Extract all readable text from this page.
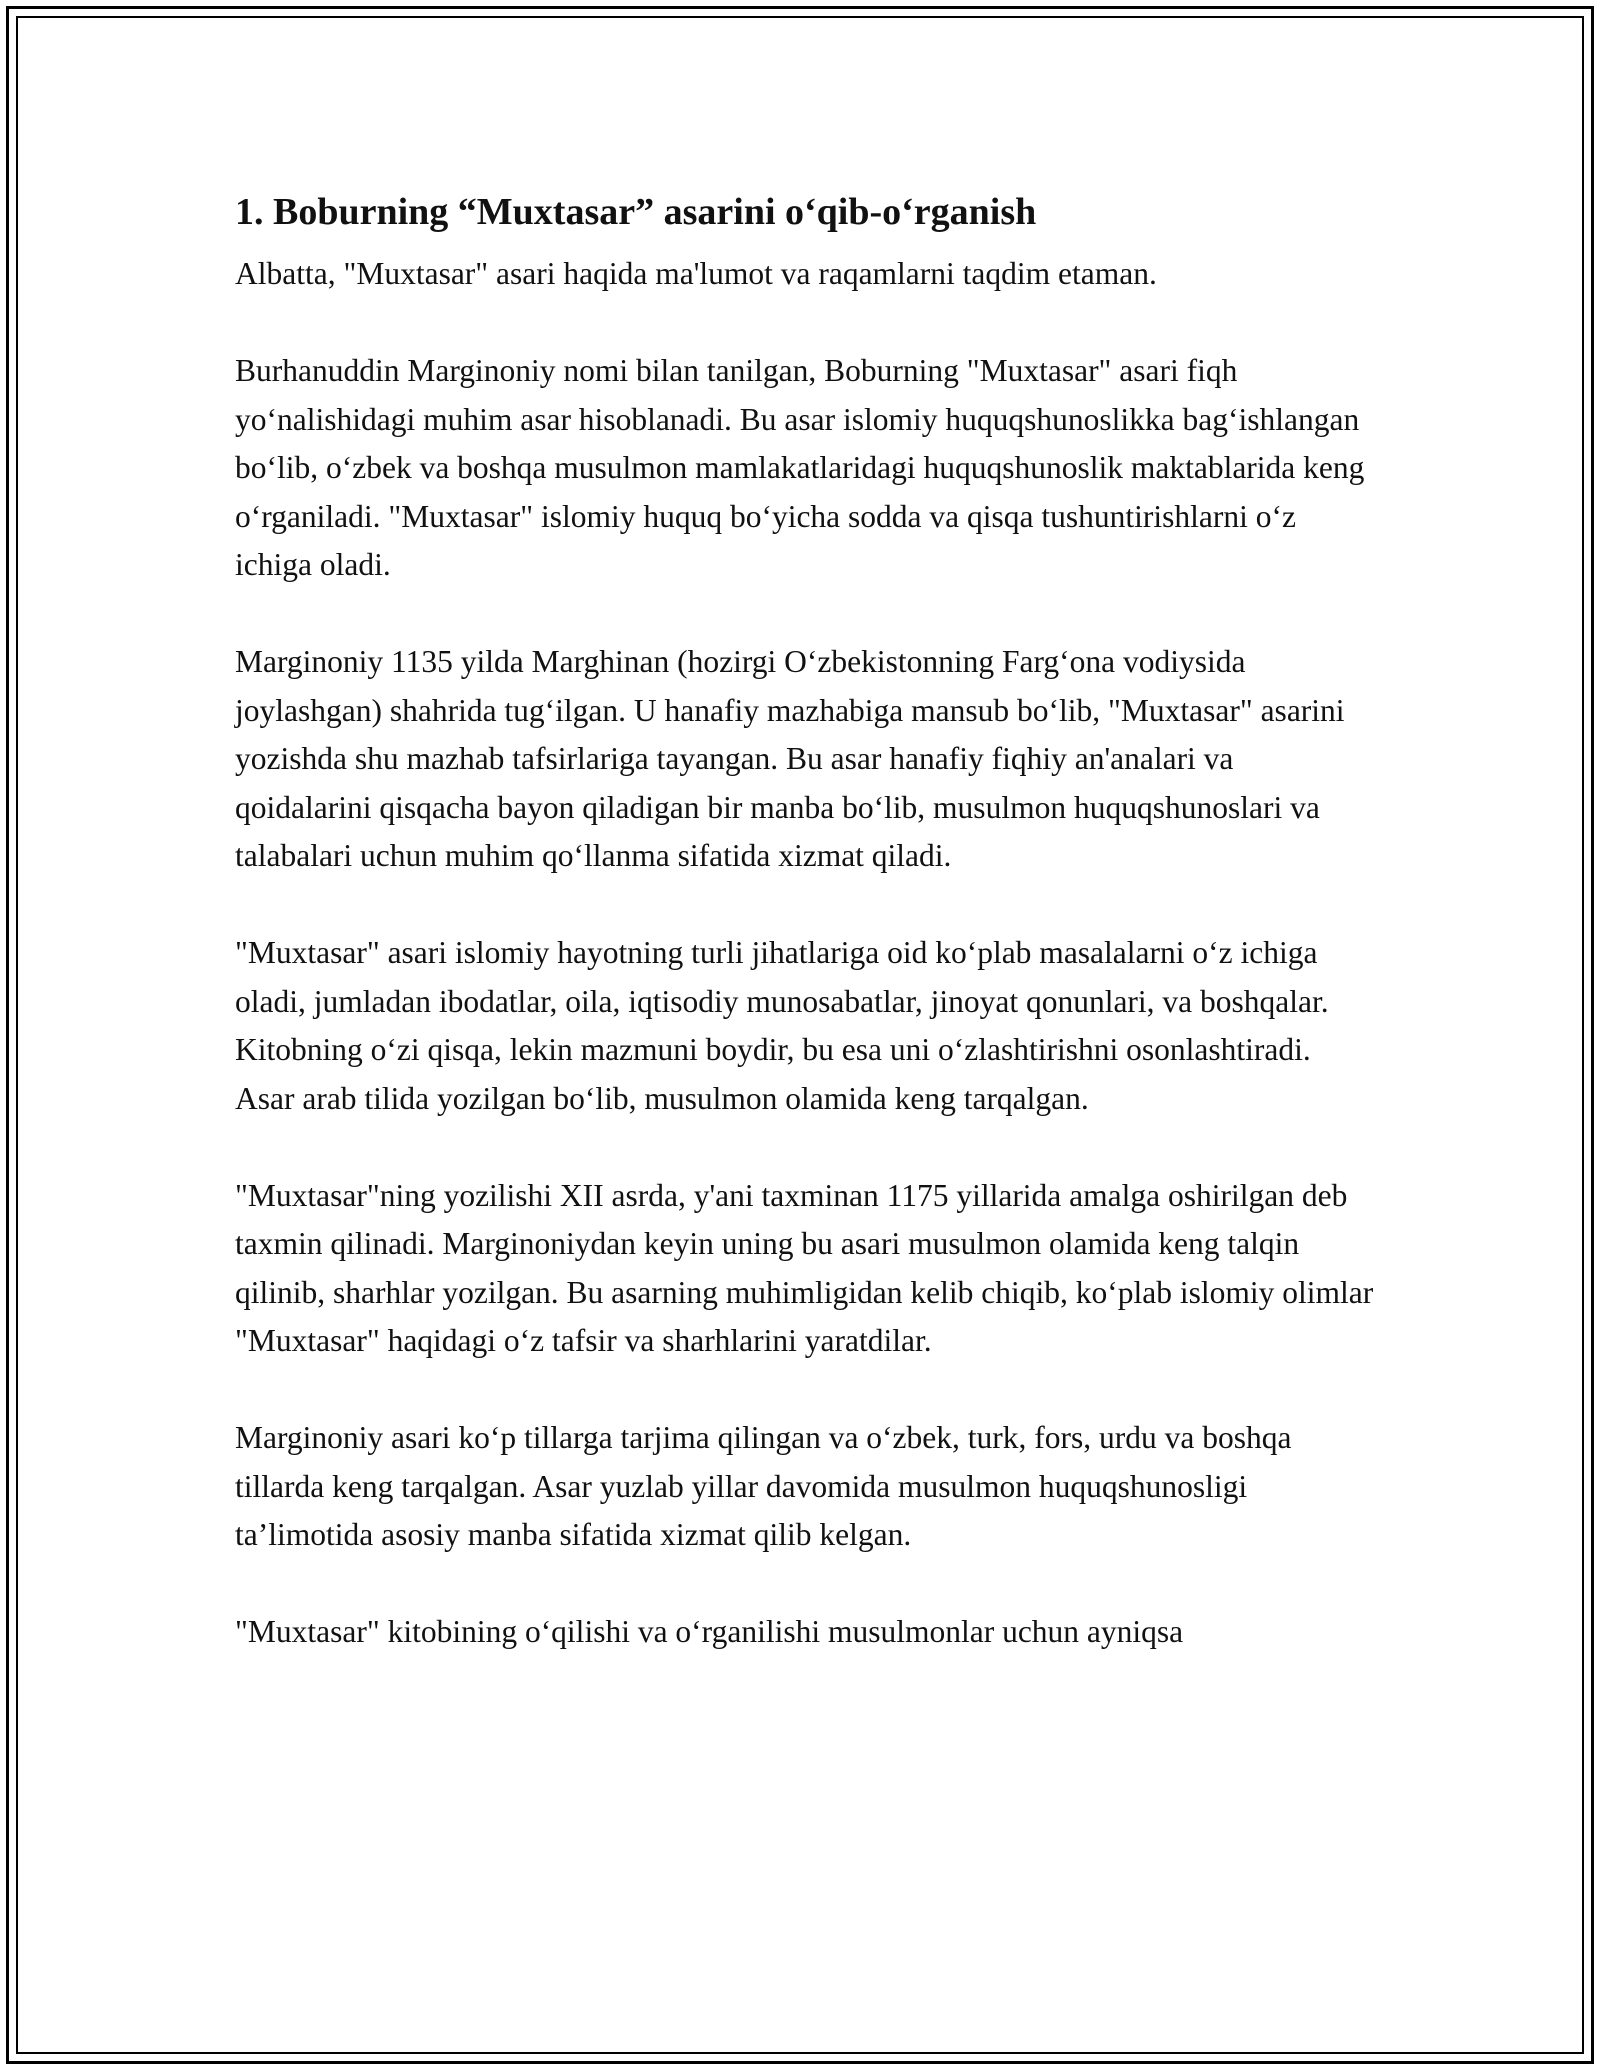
1. Boburning “Muxtasar” asarini o‘qib-o‘rganish

Albatta, "Muxtasar" asari haqida ma'lumot va raqamlarni taqdim etaman.

Burhanuddin Marginoniy nomi bilan tanilgan, Boburning "Muxtasar" asari fiqh yo‘nalishidagi muhim asar hisoblanadi. Bu asar islomiy huquqshunoslikka bag‘ishlangan bo‘lib, o‘zbek va boshqa musulmon mamlakatlaridagi huquqshunoslik maktablarida keng o‘rganiladi. "Muxtasar" islomiy huquq bo‘yicha sodda va qisqa tushuntirishlarni o‘z ichiga oladi.

Marginoniy 1135 yilda Marghinan (hozirgi O‘zbekistonning Farg‘ona vodiysida joylashgan) shahrida tug‘ilgan. U hanafiy mazhabiga mansub bo‘lib, "Muxtasar" asarini yozishda shu mazhab tafsirlariga tayangan. Bu asar hanafiy fiqhiy an'analari va qoidalarini qisqacha bayon qiladigan bir manba bo‘lib, musulmon huquqshunoslari va talabalari uchun muhim qo‘llanma sifatida xizmat qiladi.

"Muxtasar" asari islomiy hayotning turli jihatlariga oid ko‘plab masalalarni o‘z ichiga oladi, jumladan ibodatlar, oila, iqtisodiy munosabatlar, jinoyat qonunlari, va boshqalar. Kitobning o‘zi qisqa, lekin mazmuni boydir, bu esa uni o‘zlashtirishni osonlashtiradi. Asar arab tilida yozilgan bo‘lib, musulmon olamida keng tarqalgan.

"Muxtasar"ning yozilishi XII asrda, y'ani taxminan 1175 yillarida amalga oshirilgan deb taxmin qilinadi. Marginoniydan keyin uning bu asari musulmon olamida keng talqin qilinib, sharhlar yozilgan. Bu asarning muhimligidan kelib chiqib, ko‘plab islomiy olimlar "Muxtasar" haqidagi o‘z tafsir va sharhlarini yaratdilar.

Marginoniy asari ko‘p tillarga tarjima qilingan va o‘zbek, turk, fors, urdu va boshqa tillarda keng tarqalgan. Asar yuzlab yillar davomida musulmon huquqshunosligi ta’limotida asosiy manba sifatida xizmat qilib kelgan.

"Muxtasar" kitobining o‘qilishi va o‘rganilishi musulmonlar uchun ayniqsa
